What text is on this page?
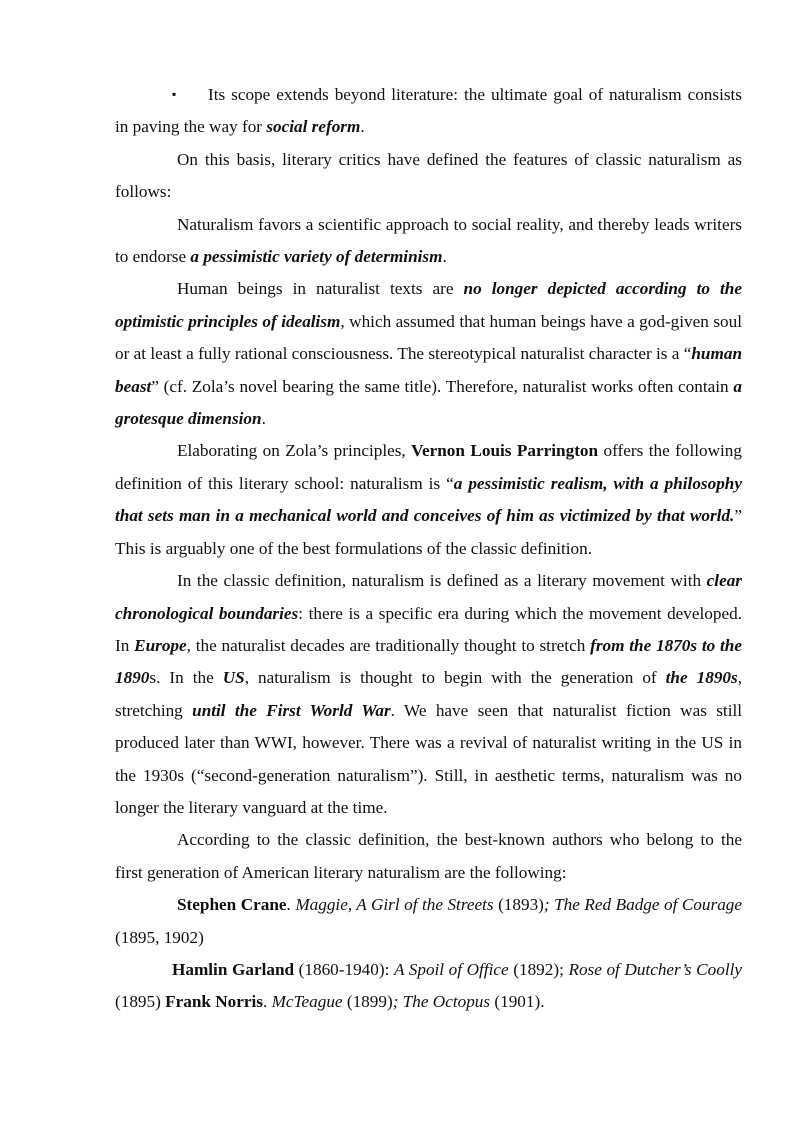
▪ Its scope extends beyond literature: the ultimate goal of naturalism consists in paving the way for social reform.

On this basis, literary critics have defined the features of classic naturalism as follows:

Naturalism favors a scientific approach to social reality, and thereby leads writers to endorse a pessimistic variety of determinism.

Human beings in naturalist texts are no longer depicted according to the optimistic principles of idealism, which assumed that human beings have a god-given soul or at least a fully rational consciousness. The stereotypical naturalist character is a “human beast” (cf. Zola’s novel bearing the same title). Therefore, naturalist works often contain a grotesque dimension.

Elaborating on Zola’s principles, Vernon Louis Parrington offers the following definition of this literary school: naturalism is “a pessimistic realism, with a philosophy that sets man in a mechanical world and conceives of him as victimized by that world.” This is arguably one of the best formulations of the classic definition.

In the classic definition, naturalism is defined as a literary movement with clear chronological boundaries: there is a specific era during which the movement developed. In Europe, the naturalist decades are traditionally thought to stretch from the 1870s to the 1890s. In the US, naturalism is thought to begin with the generation of the 1890s, stretching until the First World War. We have seen that naturalist fiction was still produced later than WWI, however. There was a revival of naturalist writing in the US in the 1930s (“second-generation naturalism”). Still, in aesthetic terms, naturalism was no longer the literary vanguard at the time.

According to the classic definition, the best-known authors who belong to the first generation of American literary naturalism are the following:

Stephen Crane. Maggie, A Girl of the Streets (1893); The Red Badge of Courage (1895, 1902)

Hamlin Garland (1860-1940): A Spoil of Office (1892); Rose of Dutcher’s Coolly (1895) Frank Norris. McTeague (1899); The Octopus (1901).
